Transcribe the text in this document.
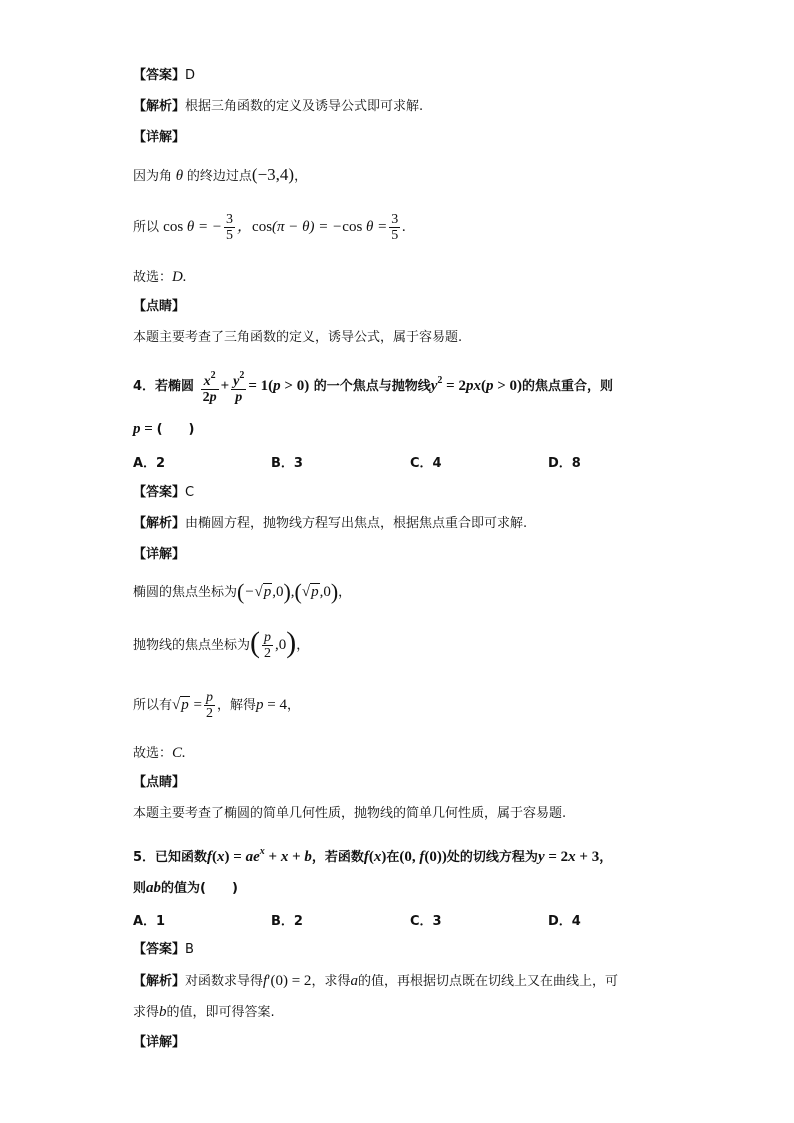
【答案】D
【解析】根据三角函数的定义及诱导公式即可求解.
【详解】
因为角 θ 的终边过点(−3,4)，
所以 cos θ = − $\frac{3}{5}$ ，cos(π − θ) = −cos $\theta = \frac{3}{5}$ .
故选：D.
【点睛】
本题主要考查了三角函数的定义，诱导公式，属于容易题.
4．若椭圆 $\frac{x^2}{2p} + \frac{y^2}{p} = 1(p > 0)$ 的一个焦点与抛物线$y^2 = 2px(p > 0)$的焦点重合，则
p = (　　)
A．2	B．3	C．4	D．8
【答案】C
【解析】由椭圆方程，抛物线方程写出焦点，根据焦点重合即可求解.
【详解】
椭圆的焦点坐标为(−√p,0),(√p,0)，
抛物线的焦点坐标为( $\frac{p}{2} ,0$)，
所以有$√p = \frac{p}{2}$ ，解得p = 4，
故选：C.
【点睛】
本题主要考查了椭圆的简单几何性质，抛物线的简单几何性质，属于容易题.
5．已知函数$f(x) = ae^x + x + b$，若函数f(x)在(0, f(0))处的切线方程为y = 2x + 3，
则ab的值为(　　)
A．1	B．2	C．3	D．4
【答案】B
【解析】对函数求导得f′(0) = 2，求得a的值，再根据切点既在切线上又在曲线上，可
求得b的值，即可得答案.
【详解】
